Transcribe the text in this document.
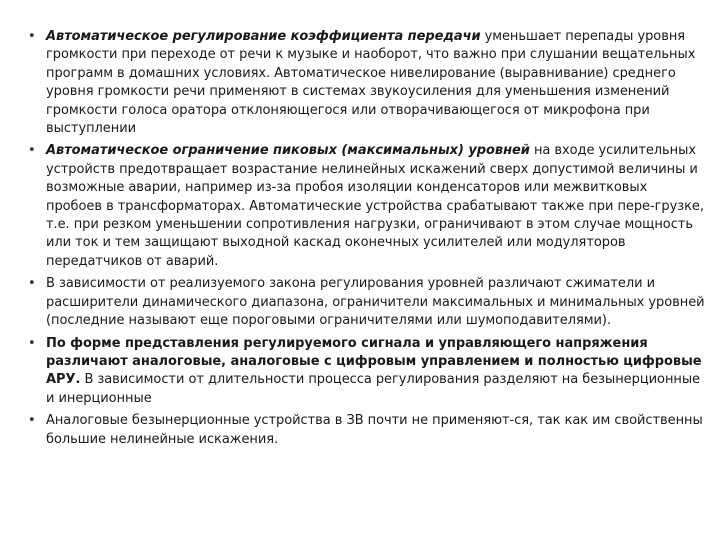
• Автоматическое регулирование коэффициента передачи уменьшает перепады уровня громкости при переходе от речи к музыке и наоборот, что важно при слушании вещательных программ в домашних условиях. Автоматическое нивелирование (выравнивание) среднего уровня громкости речи применяют в системах звукоусиления для уменьшения изменений громкости голоса оратора отклоняющегося или отворачивающегося от микрофона при выступлении
• Автоматическое ограничение пиковых (максимальных) уровней на входе усилительных устройств предотвращает возрастание нелинейных искажений сверх допустимой величины и возможные аварии, например из-за пробоя изоляции конденсаторов или межвитковых пробоев в трансформаторах. Автоматические устройства срабатывают также при пере-грузке, т.е. при резком уменьшении сопротивления нагрузки, ограничивают в этом случае мощность или ток и тем защищают выходной каскад оконечных усилителей или модуляторов передатчиков от аварий.
• В зависимости от реализуемого закона регулирования уровней различают сжиматели и расширители динамического диапазона, ограничители максимальных и минимальных уровней (последние называют еще пороговыми ограничителями или шумоподавителями).
• По форме представления регулируемого сигнала и управляющего напряжения различают аналоговые, аналоговые с цифровым управлением и полностью цифровые АРУ. В зависимости от длительности процесса регулирования разделяют на безынерционные и инерционные
• Аналоговые безынерционные устройства в ЗВ почти не применяют-ся, так как им свойственны большие нелинейные искажения.
